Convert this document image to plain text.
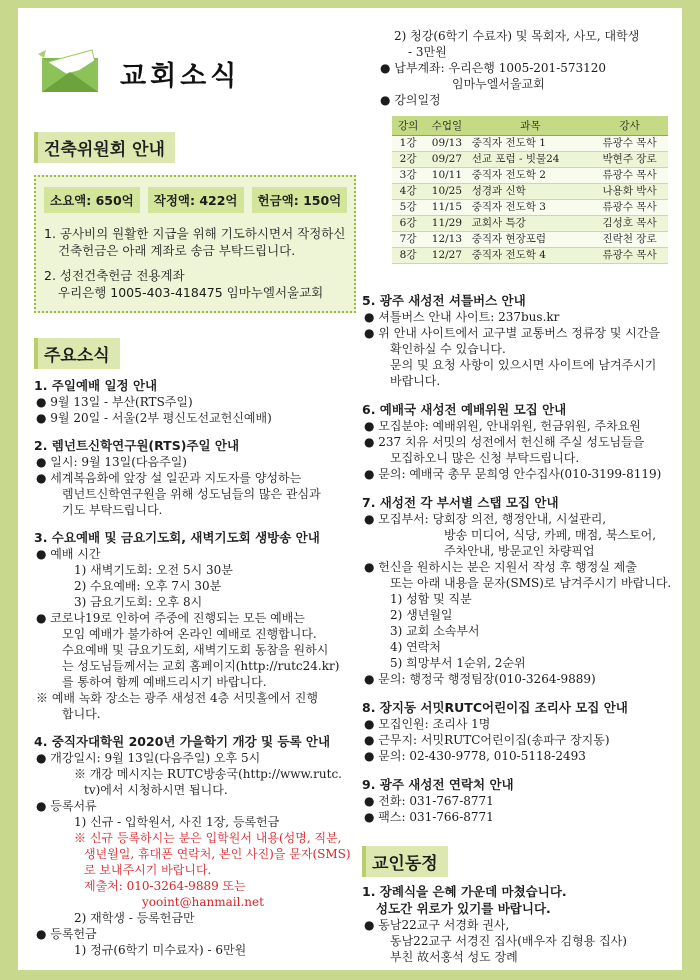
교회소식
건축위원회 안내
소요액: 650억	작정액: 422억	헌금액: 150억

1. 공사비의 원활한 지급을 위해 기도하시면서 작정하신
건축헌금은 아래 계좌로 송금 부탁드립니다.

2. 성전건축헌금 전용계좌
우리은행 1005-403-418475 임마누엘서울교회

주요소식

1. 주일예배 일정 안내

● 9월 13일 - 부산(RTS주일)

● 9월 20일 - 서울(2부 평신도선교헌신예배)

2. 렘넌트신학연구원(RTS)주일 안내

● 일시: 9월 13일(다음주일)

● 세계복음화에 앞장 설 일꾼과 지도자를 양성하는

렘넌트신학연구원을 위해 성도님들의 많은 관심과

기도 부탁드립니다.

3. 수요예배 및 금요기도회, 새벽기도회 생방송 안내

● 예배 시간

1) 새벽기도회: 오전 5시 30분

2) 수요예배: 오후 7시 30분

3) 금요기도회: 오후 8시

● 코로나19로 인하여 주중에 진행되는 모든 예배는

모임 예배가 불가하여 온라인 예배로 진행합니다.

수요예배 및 금요기도회, 새벽기도회 동참을 원하시

는 성도님들께서는 교회 홈페이지(http://rutc24.kr)

를 통하여 함께 예배드리시기 바랍니다.

※ 예배 녹화 장소는 광주 새성전 4층 서밋홀에서 진행

합니다.

4. 중직자대학원 2020년 가을학기 개강 및 등록 안내

● 개강일시: 9월 13일(다음주일) 오후 5시

※ 개강 메시지는 RUTC방송국(http://www.rutc.

tv)에서 시청하시면 됩니다.

● 등록서류

1) 신규 - 입학원서, 사진 1장, 등록헌금

※ 신규 등록하시는 분은 입학원서 내용(성명, 직분,

생년월일, 휴대폰 연락처, 본인 사진)을 문자(SMS)

로 보내주시기 바랍니다.

제출처: 010-3264-9889 또는

yooint@hanmail.net

2) 재학생 - 등록헌금만

● 등록헌금

1) 정규(6학기 미수료자) - 6만원

2) 청강(6학기 수료자) 및 목회자, 사모, 대학생

- 3만원

● 납부계좌: 우리은행 1005-201-573120

임마누엘서울교회

● 강의일정

강의	수업일	과목	강사
1강	09/13	중직자 전도학 1	류광수 목사
2강	09/27	선교 포럼 - 빗물24	박현주 장로
3강	10/11	중직자 전도학 2	류광수 목사
4강	10/25	성경과 신학	나용화 박사
5강	11/15	중직자 전도학 3	류광수 목사
6강	11/29	교회사 특강	김성호 목사
7강	12/13	중직자 현장포럼	진락천 장로
8강	12/27	중직자 전도학 4	류광수 목사

5. 광주 새성전 셔틀버스 안내

● 셔틀버스 안내 사이트: 237bus.kr

● 위 안내 사이트에서 교구별 교통버스 정류장 및 시간을

확인하실 수 있습니다.

문의 및 요청 사항이 있으시면 사이트에 남겨주시기

바랍니다.

6. 예배국 새성전 예배위원 모집 안내

● 모집분야: 예배위원, 안내위원, 헌금위원, 주차요원

● 237 치유 서밋의 성전에서 헌신해 주실 성도님들을

모집하오니 많은 신청 부탁드립니다.

● 문의: 예배국 총무 문희영 안수집사(010-3199-8119)

7. 새성전 각 부서별 스탭 모집 안내

● 모집부서: 당회장 의전, 행정안내, 시설관리,

방송 미디어, 식당, 카페, 매점, 북스토어,

주차안내, 방문교인 차량픽업

● 헌신을 원하시는 분은 지원서 작성 후 행정실 제출

또는 아래 내용을 문자(SMS)로 남겨주시기 바랍니다.

1) 성함 및 직분

2) 생년월일

3) 교회 소속부서

4) 연락처

5) 희망부서 1순위, 2순위

● 문의: 행정국 행정팀장(010-3264-9889)

8. 장지동 서밋RUTC어린이집 조리사 모집 안내

● 모집인원: 조리사 1명

● 근무지: 서밋RUTC어린이집(송파구 장지동)

● 문의: 02-430-9778, 010-5118-2493

9. 광주 새성전 연락처 안내

● 전화: 031-767-8771

● 팩스: 031-766-8771

교인동정

1. 장례식을 은혜 가운데 마쳤습니다.
성도간 위로가 있기를 바랍니다.

● 동남22교구 서경화 권사,

동남22교구 서경진 집사(배우자 김형용 집사)

부친 故서홍석 성도 장례
